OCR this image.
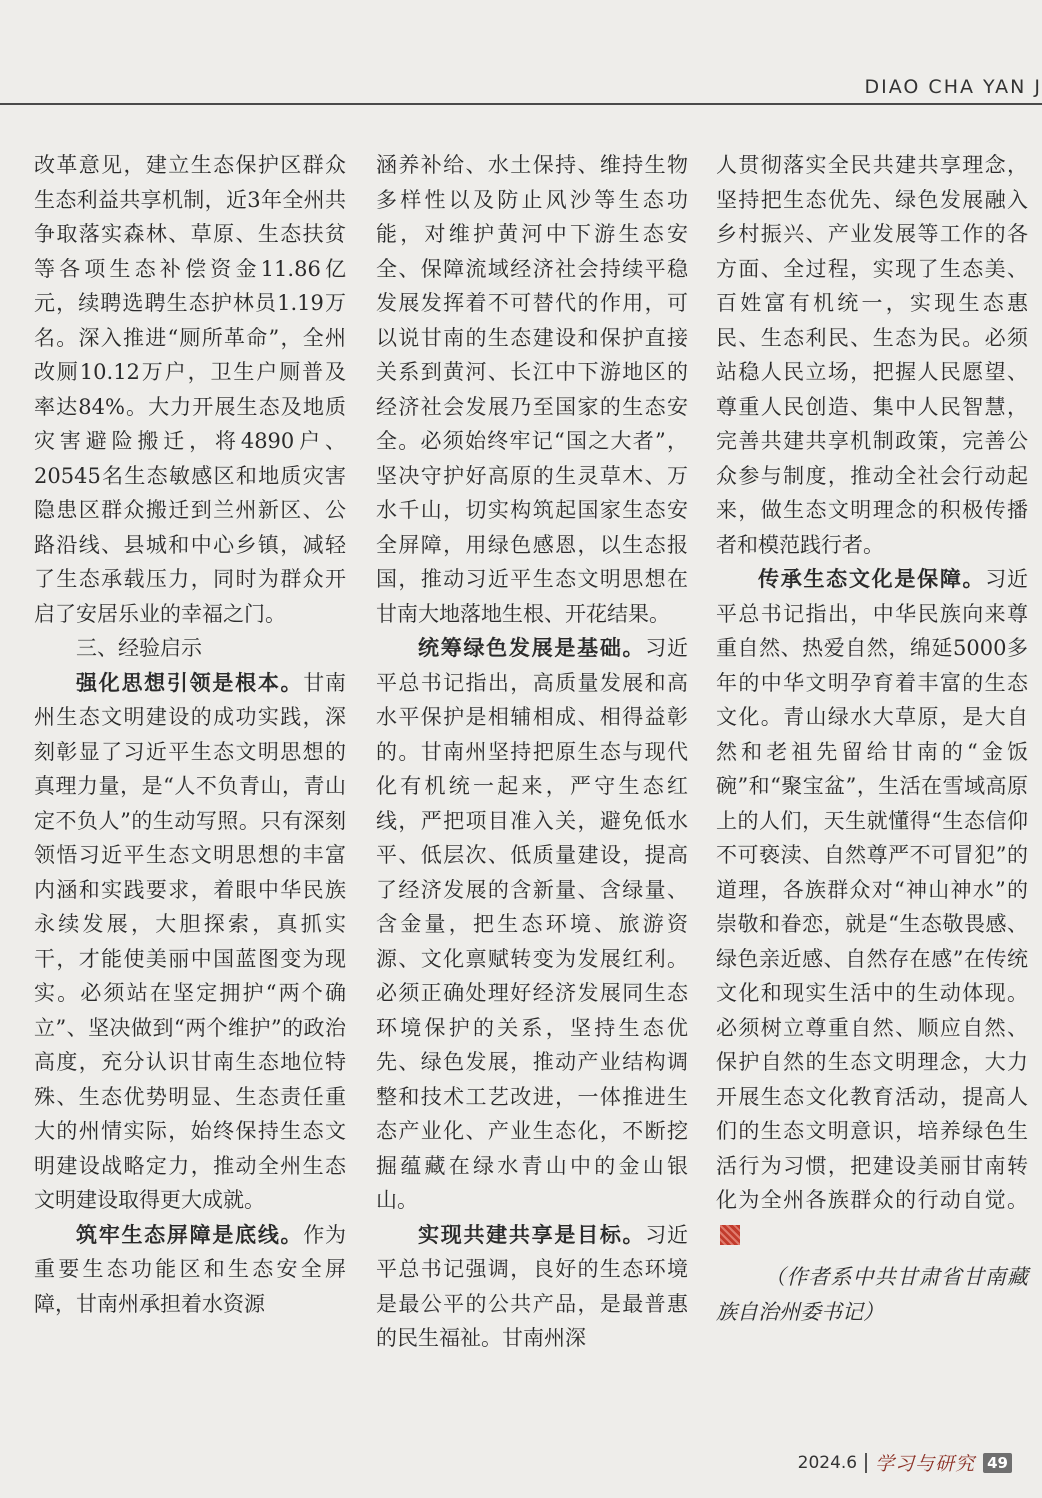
DIAO CHA YAN J

改革意见，建立生态保护区群众生态利益共享机制，近3年全州共争取落实森林、草原、生态扶贫等各项生态补偿资金11.86亿元，续聘选聘生态护林员1.19万名。深入推进“厕所革命”，全州改厕10.12万户，卫生户厕普及率达84%。大力开展生态及地质灾害避险搬迁，将4890户、20545名生态敏感区和地质灾害隐患区群众搬迁到兰州新区、公路沿线、县城和中心乡镇，减轻了生态承载压力，同时为群众开启了安居乐业的幸福之门。

三、经验启示

强化思想引领是根本。甘南州生态文明建设的成功实践，深刻彰显了习近平生态文明思想的真理力量，是“人不负青山，青山定不负人”的生动写照。只有深刻领悟习近平生态文明思想的丰富内涵和实践要求，着眼中华民族永续发展，大胆探索，真抓实干，才能使美丽中国蓝图变为现实。必须站在坚定拥护“两个确立”、坚决做到“两个维护”的政治高度，充分认识甘南生态地位特殊、生态优势明显、生态责任重大的州情实际，始终保持生态文明建设战略定力，推动全州生态文明建设取得更大成就。

筑牢生态屏障是底线。作为重要生态功能区和生态安全屏障，甘南州承担着水资源

涵养补给、水土保持、维持生物多样性以及防止风沙等生态功能，对维护黄河中下游生态安全、保障流域经济社会持续平稳发展发挥着不可替代的作用，可以说甘南的生态建设和保护直接关系到黄河、长江中下游地区的经济社会发展乃至国家的生态安全。必须始终牢记“国之大者”，坚决守护好高原的生灵草木、万水千山，切实构筑起国家生态安全屏障，用绿色感恩，以生态报国，推动习近平生态文明思想在甘南大地落地生根、开花结果。

统筹绿色发展是基础。习近平总书记指出，高质量发展和高水平保护是相辅相成、相得益彰的。甘南州坚持把原生态与现代化有机统一起来，严守生态红线，严把项目准入关，避免低水平、低层次、低质量建设，提高了经济发展的含新量、含绿量、含金量，把生态环境、旅游资源、文化禀赋转变为发展红利。必须正确处理好经济发展同生态环境保护的关系，坚持生态优先、绿色发展，推动产业结构调整和技术工艺改进，一体推进生态产业化、产业生态化，不断挖掘蕴藏在绿水青山中的金山银山。

实现共建共享是目标。习近平总书记强调，良好的生态环境是最公平的公共产品，是最普惠的民生福祉。甘南州深

人贯彻落实全民共建共享理念，坚持把生态优先、绿色发展融入乡村振兴、产业发展等工作的各方面、全过程，实现了生态美、百姓富有机统一，实现生态惠民、生态利民、生态为民。必须站稳人民立场，把握人民愿望、尊重人民创造、集中人民智慧，完善共建共享机制政策，完善公众参与制度，推动全社会行动起来，做生态文明理念的积极传播者和模范践行者。

传承生态文化是保障。习近平总书记指出，中华民族向来尊重自然、热爱自然，绵延5000多年的中华文明孕育着丰富的生态文化。青山绿水大草原，是大自然和老祖先留给甘南的“金饭碗”和“聚宝盆”，生活在雪域高原上的人们，天生就懂得“生态信仰不可亵渎、自然尊严不可冒犯”的道理，各族群众对“神山神水”的崇敬和眷恋，就是“生态敬畏感、绿色亲近感、自然存在感”在传统文化和现实生活中的生动体现。必须树立尊重自然、顺应自然、保护自然的生态文明理念，大力开展生态文化教育活动，提高人们的生态文明意识，培养绿色生活行为习惯，把建设美丽甘南转化为全州各族群众的行动自觉。

（作者系中共甘肃省甘南藏族自治州委书记）

2024.6 学习与研究 49
